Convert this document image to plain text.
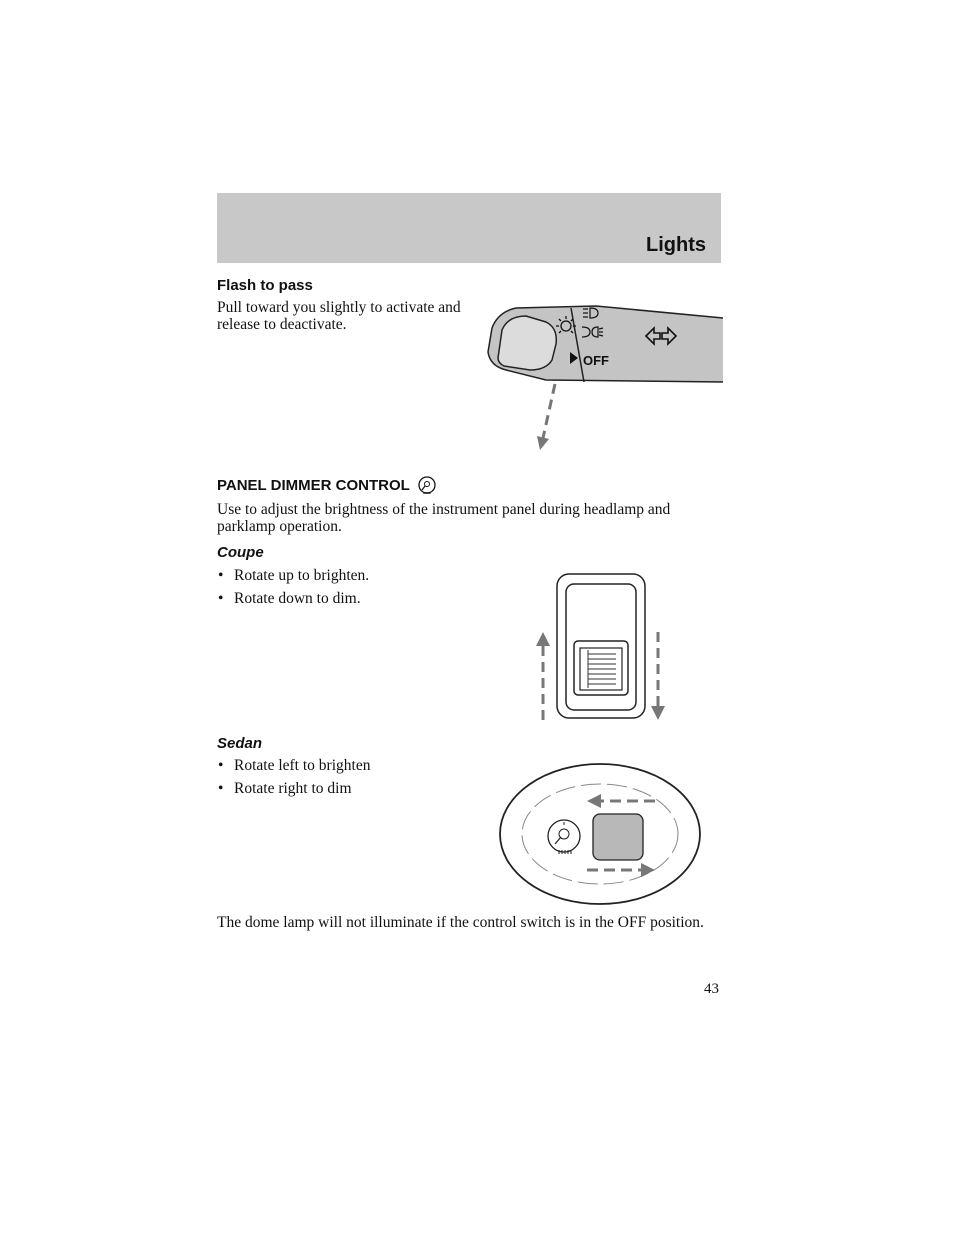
Lights
Flash to pass
Pull toward you slightly to activate and release to deactivate.
OFF
PANEL DIMMER CONTROL
Use to adjust the brightness of the instrument panel during headlamp and parklamp operation.
Coupe
• Rotate up to brighten.
• Rotate down to dim.
Sedan
• Rotate left to brighten
• Rotate right to dim
The dome lamp will not illuminate if the control switch is in the OFF position.
43
